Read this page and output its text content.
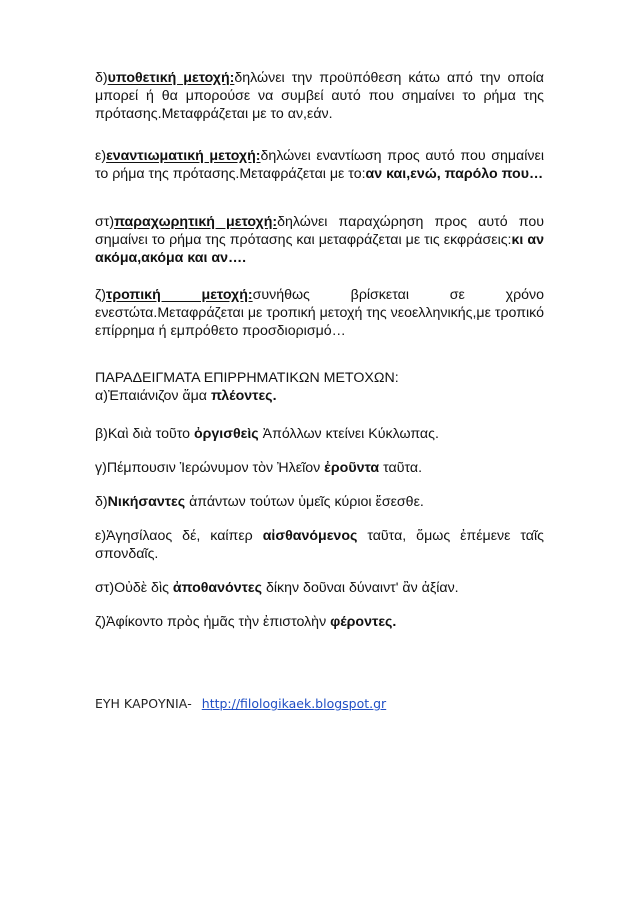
δ)υποθετική μετοχή:δηλώνει την προϋπόθεση κάτω από την οποία μπορεί ή θα μπορούσε να συμβεί αυτό που σημαίνει το ρήμα της πρότασης.Μεταφράζεται με το αν,εάν.

ε)εναντιωματική μετοχή:δηλώνει εναντίωση προς αυτό που σημαίνει το ρήμα της πρότασης.Μεταφράζεται με το:αν και,ενώ, παρόλο που…

στ)παραχωρητική μετοχή:δηλώνει παραχώρηση προς αυτό που σημαίνει το ρήμα της πρότασης και μεταφράζεται με τις εκφράσεις:κι αν ακόμα,ακόμα και αν….

ζ)τροπική μετοχή:συνήθως βρίσκεται σε χρόνο ενεστώτα.Μεταφράζεται με τροπική μετοχή της νεοελληνικής,με τροπικό επίρρημα ή εμπρόθετο προσδιορισμό…

ΠΑΡΑΔΕΙΓΜΑΤΑ ΕΠΙΡΡΗΜΑΤΙΚΩΝ ΜΕΤΟΧΩΝ:
α)Ἐπαιάνιζον ἅμα πλέοντες.
β)Καὶ διὰ τοῦτο ὀργισθεὶς Ἀπόλλων κτείνει Κύκλωπας.
γ)Πέμπουσιν Ἱερώνυμον τὸν Ἠλεῖον ἐροῦντα ταῦτα.
δ)Νικήσαντες ἁπάντων τούτων ὑμεῖς κύριοι ἔσεσθε.
ε)Ἀγησίλαος δέ, καίπερ αἰσθανόμενος ταῦτα, ὅμως ἐπέμενε ταῖς σπονδαῖς.
στ)Οὐδὲ δὶς ἀποθανόντες δίκην δοῦναι δύναιντ' ἂν ἀξίαν.
ζ)Ἀφίκοντο πρὸς ἡμᾶς τὴν ἐπιστολὴν φέροντες.
ΕΥΗ ΚΑΡΟΥΝΙΑ- http://filologikaek.blogspot.gr
